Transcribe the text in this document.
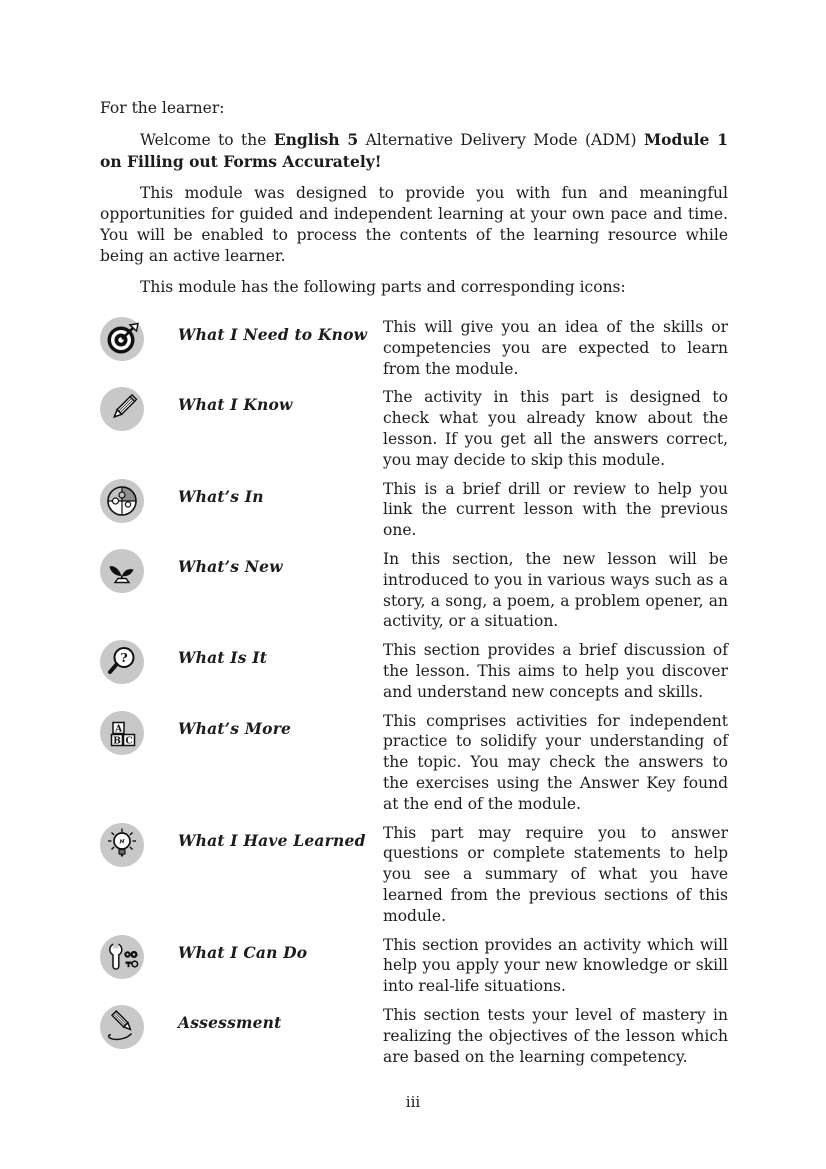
For the learner:

Welcome to the English 5 Alternative Delivery Mode (ADM) Module 1 on Filling out Forms Accurately!

This module was designed to provide you with fun and meaningful opportunities for guided and independent learning at your own pace and time. You will be enabled to process the contents of the learning resource while being an active learner.

This module has the following parts and corresponding icons:

What I Need to Know	This will give you an idea of the skills or competencies you are expected to learn from the module.
What I Know	The activity in this part is designed to check what you already know about the lesson. If you get all the answers correct, you may decide to skip this module.
What’s In	This is a brief drill or review to help you link the current lesson with the previous one.
What’s New	In this section, the new lesson will be introduced to you in various ways such as a story, a song, a poem, a problem opener, an activity, or a situation.
?	What Is It	This section provides a brief discussion of the lesson. This aims to help you discover and understand new concepts and skills.
A
B C
What’s More	This comprises activities for independent practice to solidify your understanding of the topic. You may check the answers to the exercises using the Answer Key found at the end of the module.
What I Have Learned	This part may require you to answer questions or complete statements to help you see a summary of what you have learned from the previous sections of this module.
What I Can Do	This section provides an activity which will help you apply your new knowledge or skill into real-life situations.
Assessment	This section tests your level of mastery in realizing the objectives of the lesson which are based on the learning competency.
iii
